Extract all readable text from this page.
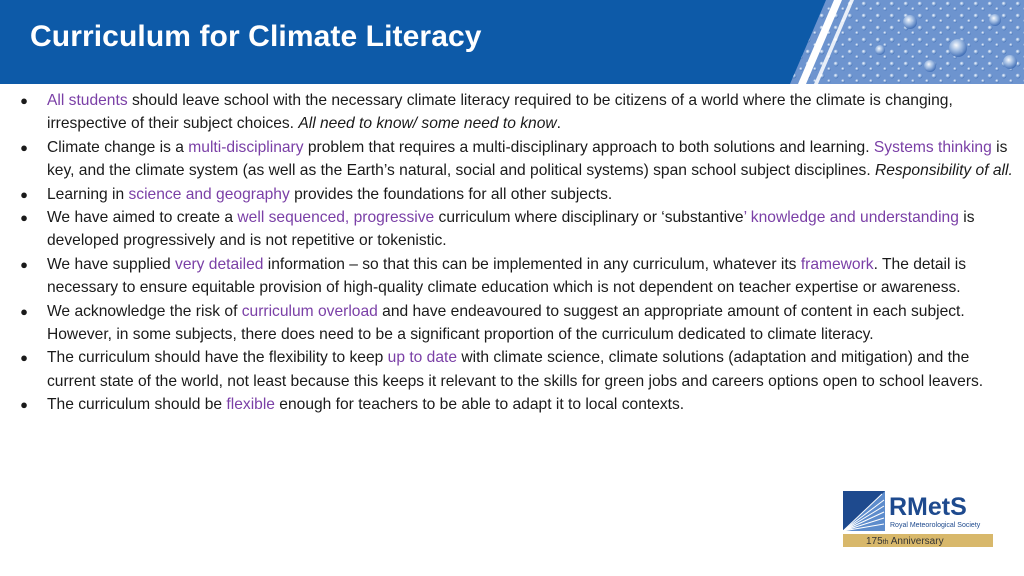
Curriculum for Climate Literacy
● All students should leave school with the necessary climate literacy required to be citizens of a world where the climate is changing, irrespective of their subject choices. All need to know/ some need to know.
● Climate change is a multi-disciplinary problem that requires a multi-disciplinary approach to both solutions and learning. Systems thinking is key, and the climate system (as well as the Earth’s natural, social and political systems) span school subject disciplines. Responsibility of all.
● Learning in science and geography provides the foundations for all other subjects.
● We have aimed to create a well sequenced, progressive curriculum where disciplinary or ‘substantive’ knowledge and understanding is developed progressively and is not repetitive or tokenistic.
● We have supplied very detailed information – so that this can be implemented in any curriculum, whatever its framework. The detail is necessary to ensure equitable provision of high-quality climate education which is not dependent on teacher expertise or awareness.
● We acknowledge the risk of curriculum overload and have endeavoured to suggest an appropriate amount of content in each subject. However, in some subjects, there does need to be a significant proportion of the curriculum dedicated to climate literacy.
● The curriculum should have the flexibility to keep up to date with climate science, climate solutions (adaptation and mitigation) and the current state of the world, not least because this keeps it relevant to the skills for green jobs and careers options open to school leavers.
● The curriculum should be flexible enough for teachers to be able to adapt it to local contexts.
RMetS
Royal Meteorological Society
175th Anniversary
